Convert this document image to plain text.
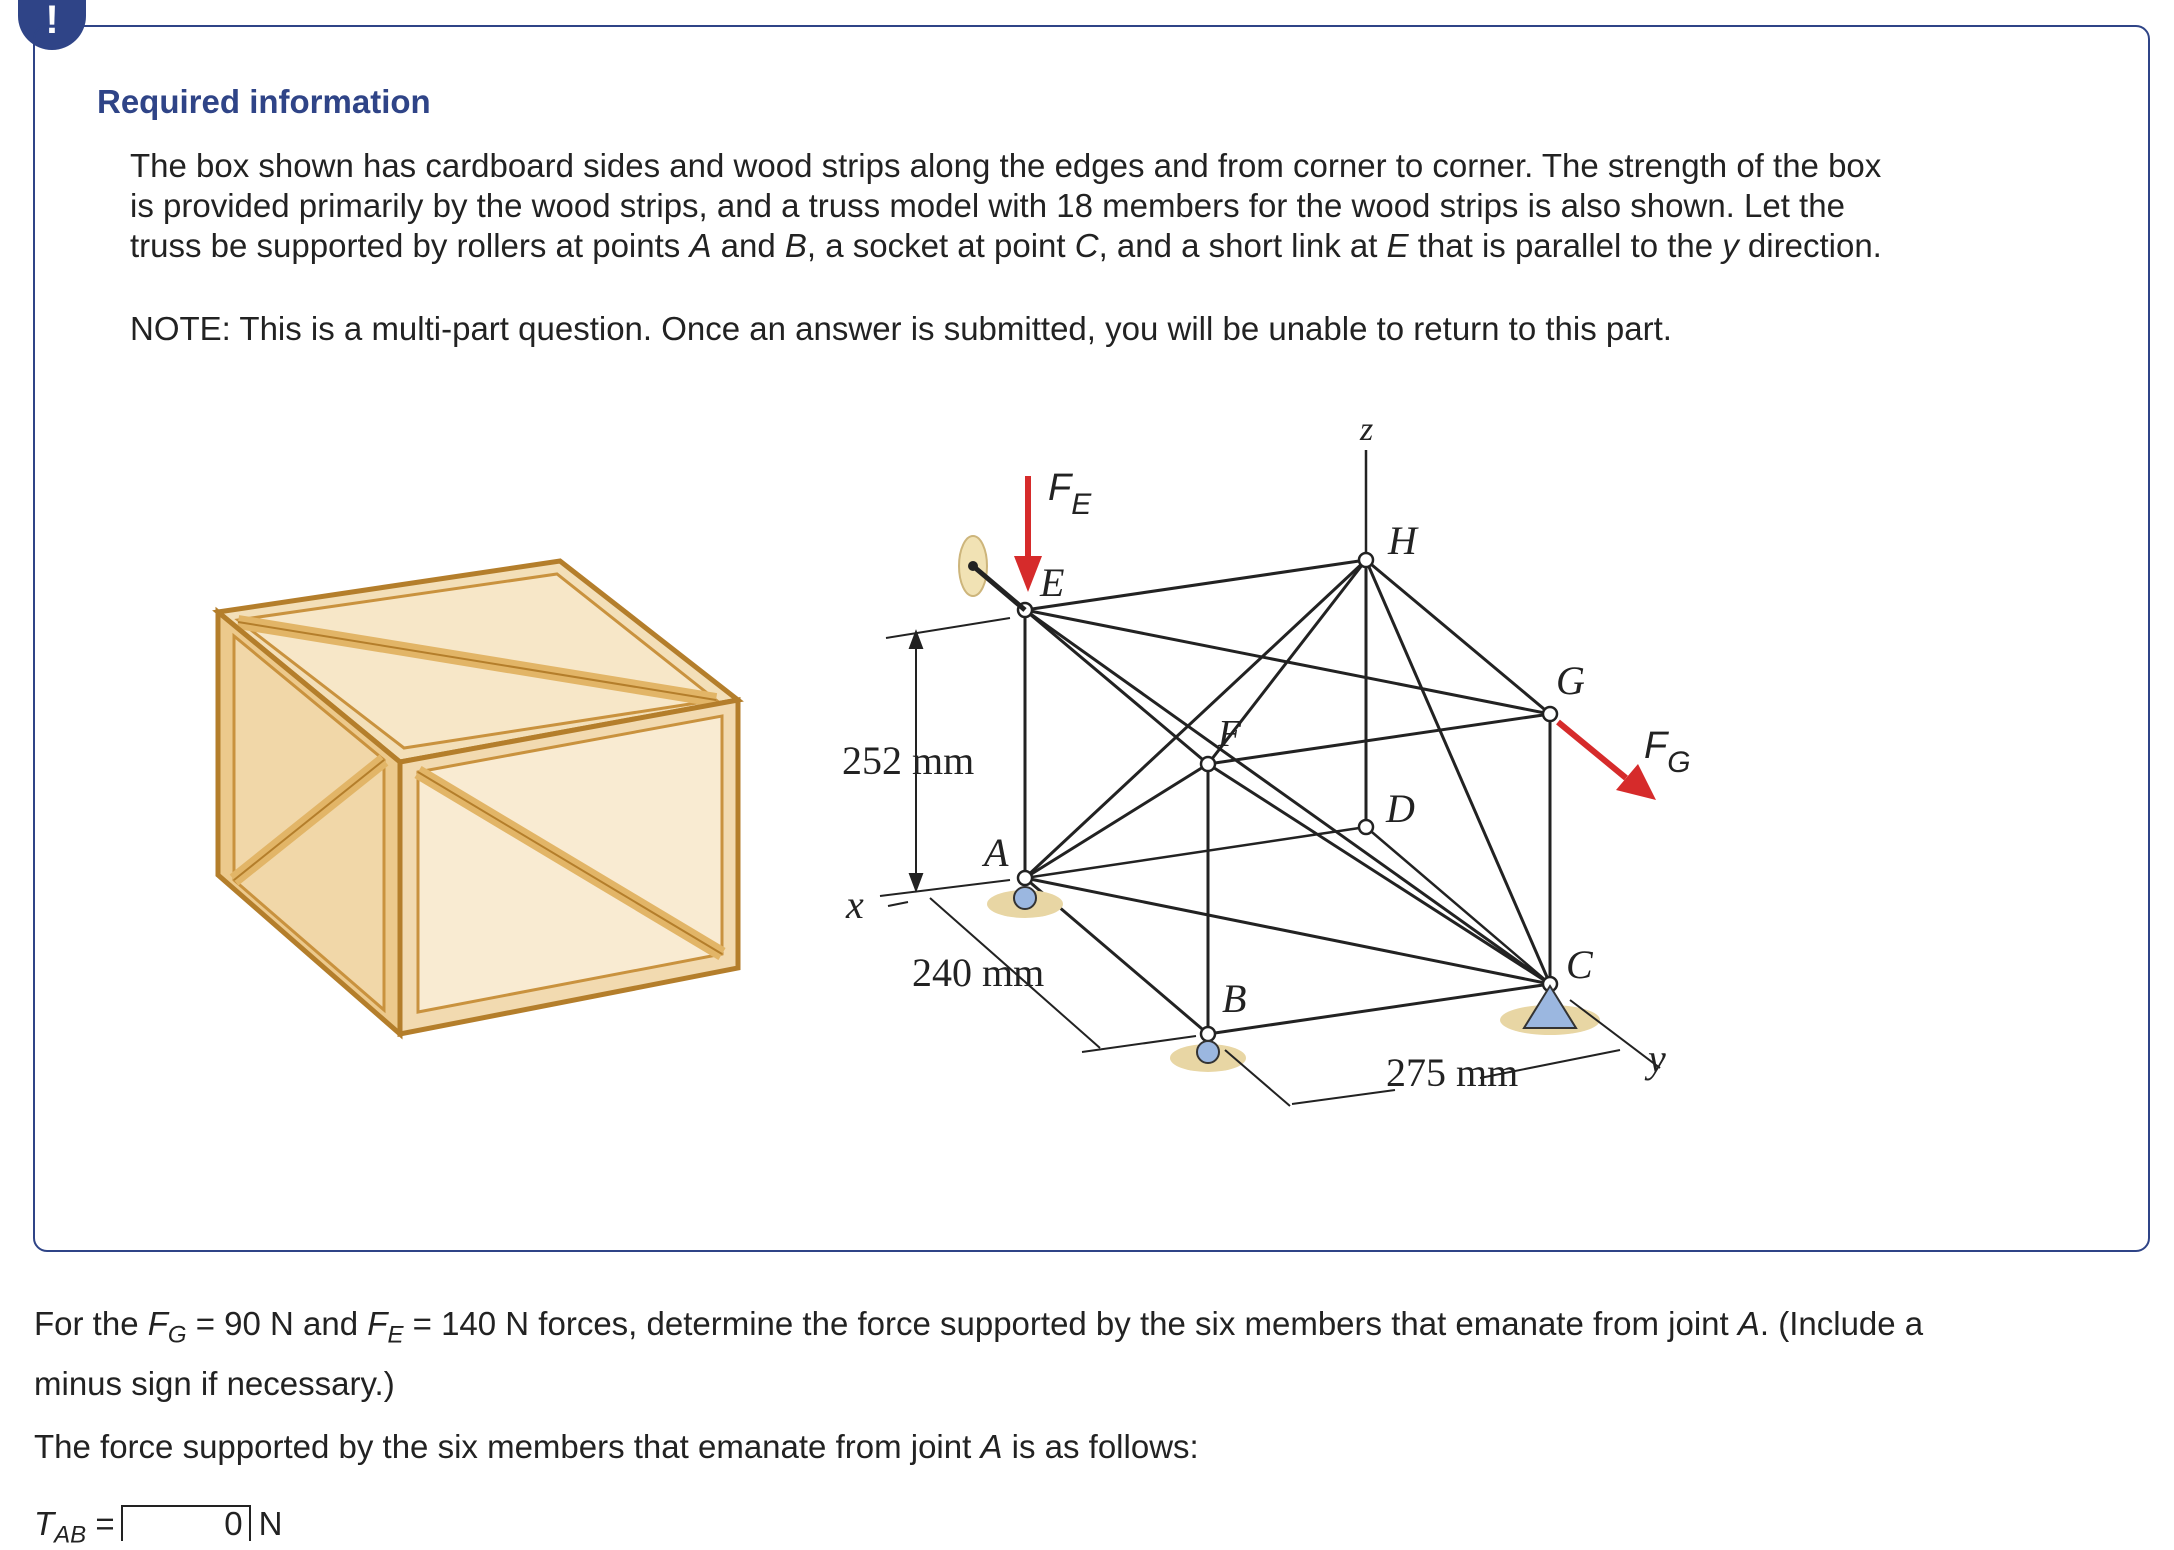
!
Required information
The box shown has cardboard sides and wood strips along the edges and from corner to corner. The strength of the box
is provided primarily by the wood strips, and a truss model with 18 members for the wood strips is also shown. Let the
truss be supported by rollers at points A and B, a socket at point C, and a short link at E that is parallel to the y direction.
NOTE: This is a multi-part question. Once an answer is submitted, you will be unable to return to this part.
z
H
E
$F_E$
G
$F_G$
F
D
A
B
C
x
y
252 mm
240 mm
275 mm
For the $F_G = 90$ N and $F_E = 140$ N forces, determine the force supported by the six members that emanate from joint A. (Include a
minus sign if necessary.)
The force supported by the six members that emanate from joint A is as follows:
$T_{AB}$ =
0	N
